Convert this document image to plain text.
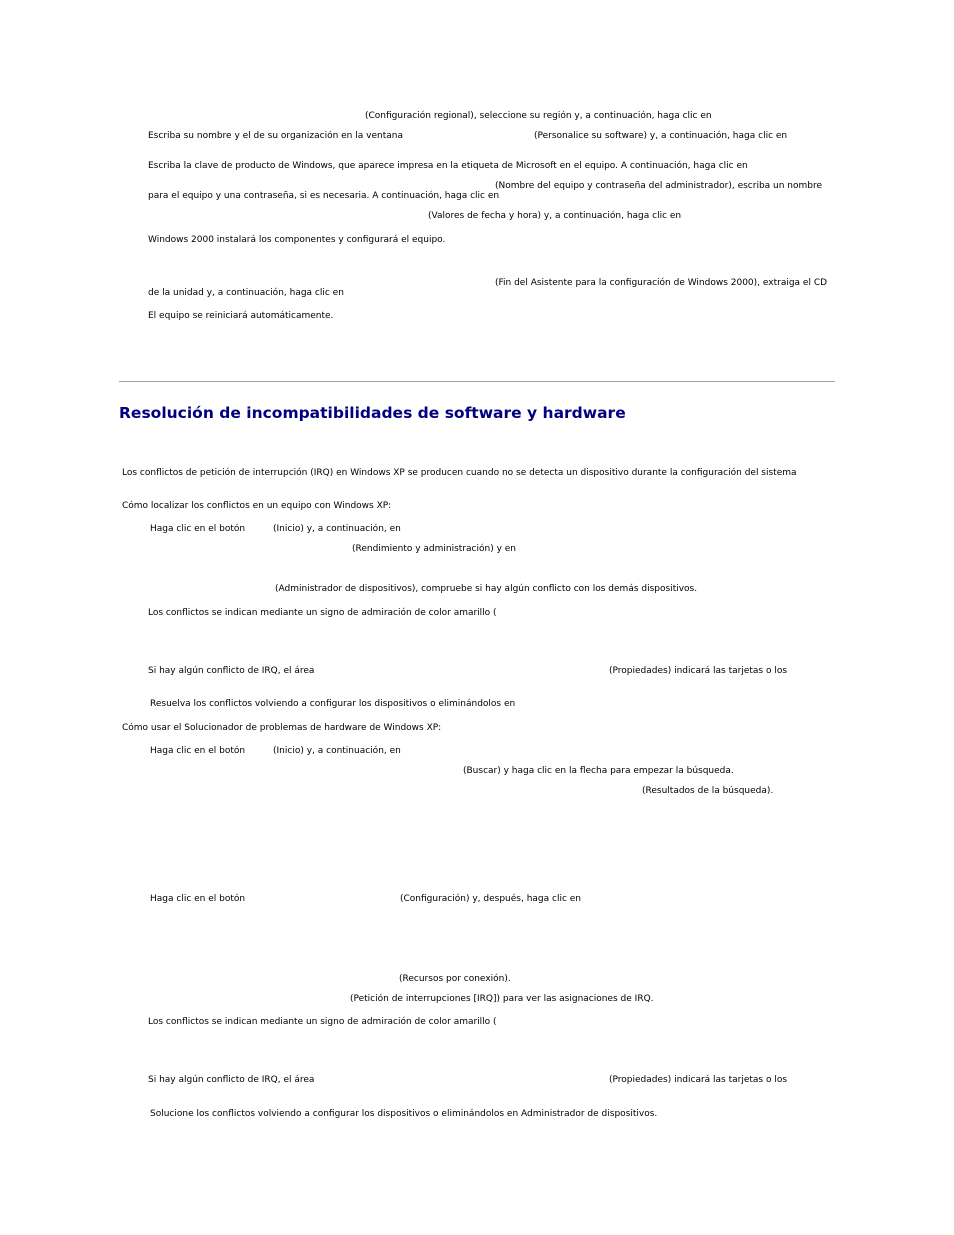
(Configuración regional), seleccione su región y, a continuación, haga clic en
Escriba su nombre y el de su organización en la ventana	(Personalice su software) y, a continuación, haga clic en
Escriba la clave de producto de Windows, que aparece impresa en la etiqueta de Microsoft en el equipo. A continuación, haga clic en
(Nombre del equipo y contraseña del administrador), escriba un nombre
para el equipo y una contraseña, si es necesaria. A continuación, haga clic en
(Valores de fecha y hora) y, a continuación, haga clic en
Windows 2000 instalará los componentes y configurará el equipo.
(Fin del Asistente para la configuración de Windows 2000), extraiga el CD
de la unidad y, a continuación, haga clic en
El equipo se reiniciará automáticamente.
Resolución de incompatibilidades de software y hardware
Los conflictos de petición de interrupción (IRQ) en Windows XP se producen cuando no se detecta un dispositivo durante la configuración del sistema
Cómo localizar los conflictos en un equipo con Windows XP:
Haga clic en el botón	(Inicio) y, a continuación, en
(Rendimiento y administración) y en
(Administrador de dispositivos), compruebe si hay algún conflicto con los demás dispositivos.
Los conflictos se indican mediante un signo de admiración de color amarillo (
Si hay algún conflicto de IRQ, el área	(Propiedades) indicará las tarjetas o los
Resuelva los conflictos volviendo a configurar los dispositivos o eliminándolos en
Cómo usar el Solucionador de problemas de hardware de Windows XP:
Haga clic en el botón	(Inicio) y, a continuación, en
(Buscar) y haga clic en la flecha para empezar la búsqueda.
(Resultados de la búsqueda).
Haga clic en el botón	(Configuración) y, después, haga clic en
(Recursos por conexión).
(Petición de interrupciones [IRQ]) para ver las asignaciones de IRQ.
Los conflictos se indican mediante un signo de admiración de color amarillo (
Si hay algún conflicto de IRQ, el área	(Propiedades) indicará las tarjetas o los
Solucione los conflictos volviendo a configurar los dispositivos o eliminándolos en Administrador de dispositivos.
